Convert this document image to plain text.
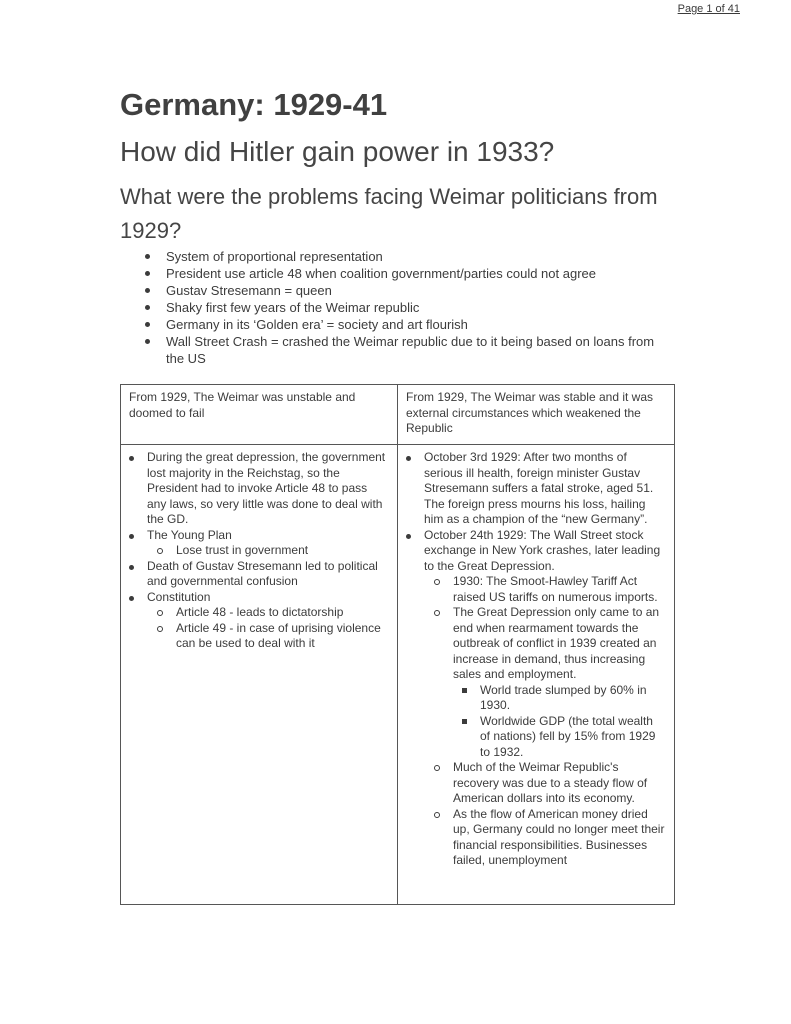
Page 1 of 41
Germany: 1929-41
How did Hitler gain power in 1933?
What were the problems facing Weimar politicians from 1929?
System of proportional representation
President use article 48 when coalition government/parties could not agree
Gustav Stresemann = queen
Shaky first few years of the Weimar republic
Germany in its ‘Golden era’ = society and art flourish
Wall Street Crash = crashed the Weimar republic due to it being based on loans from the US
From 1929, The Weimar was unstable and doomed to fail	From 1929, The Weimar was stable and it was external circumstances which weakened the Republic

During the great depression, the government lost majority in the Reichstag, so the President had to invoke Article 48 to pass any laws, so very little was done to deal with the GD.
The Young Plan
Lose trust in government
Death of Gustav Stresemann led to political and governmental confusion
Constitution
Article 48 - leads to dictatorship
Article 49 - in case of uprising violence can be used to deal with it

October 3rd 1929: After two months of serious ill health, foreign minister Gustav Stresemann suffers a fatal stroke, aged 51. The foreign press mourns his loss, hailing him as a champion of the “new Germany”.
October 24th 1929: The Wall Street stock exchange in New York crashes, later leading to the Great Depression.
1930: The Smoot-Hawley Tariff Act raised US tariffs on numerous imports.
The Great Depression only came to an end when rearmament towards the outbreak of conflict in 1939 created an increase in demand, thus increasing sales and employment.
World trade slumped by 60% in 1930.
Worldwide GDP (the total wealth of nations) fell by 15% from 1929 to 1932.
Much of the Weimar Republic's recovery was due to a steady flow of American dollars into its economy.
As the flow of American money dried up, Germany could no longer meet their financial responsibilities. Businesses failed, unemployment
